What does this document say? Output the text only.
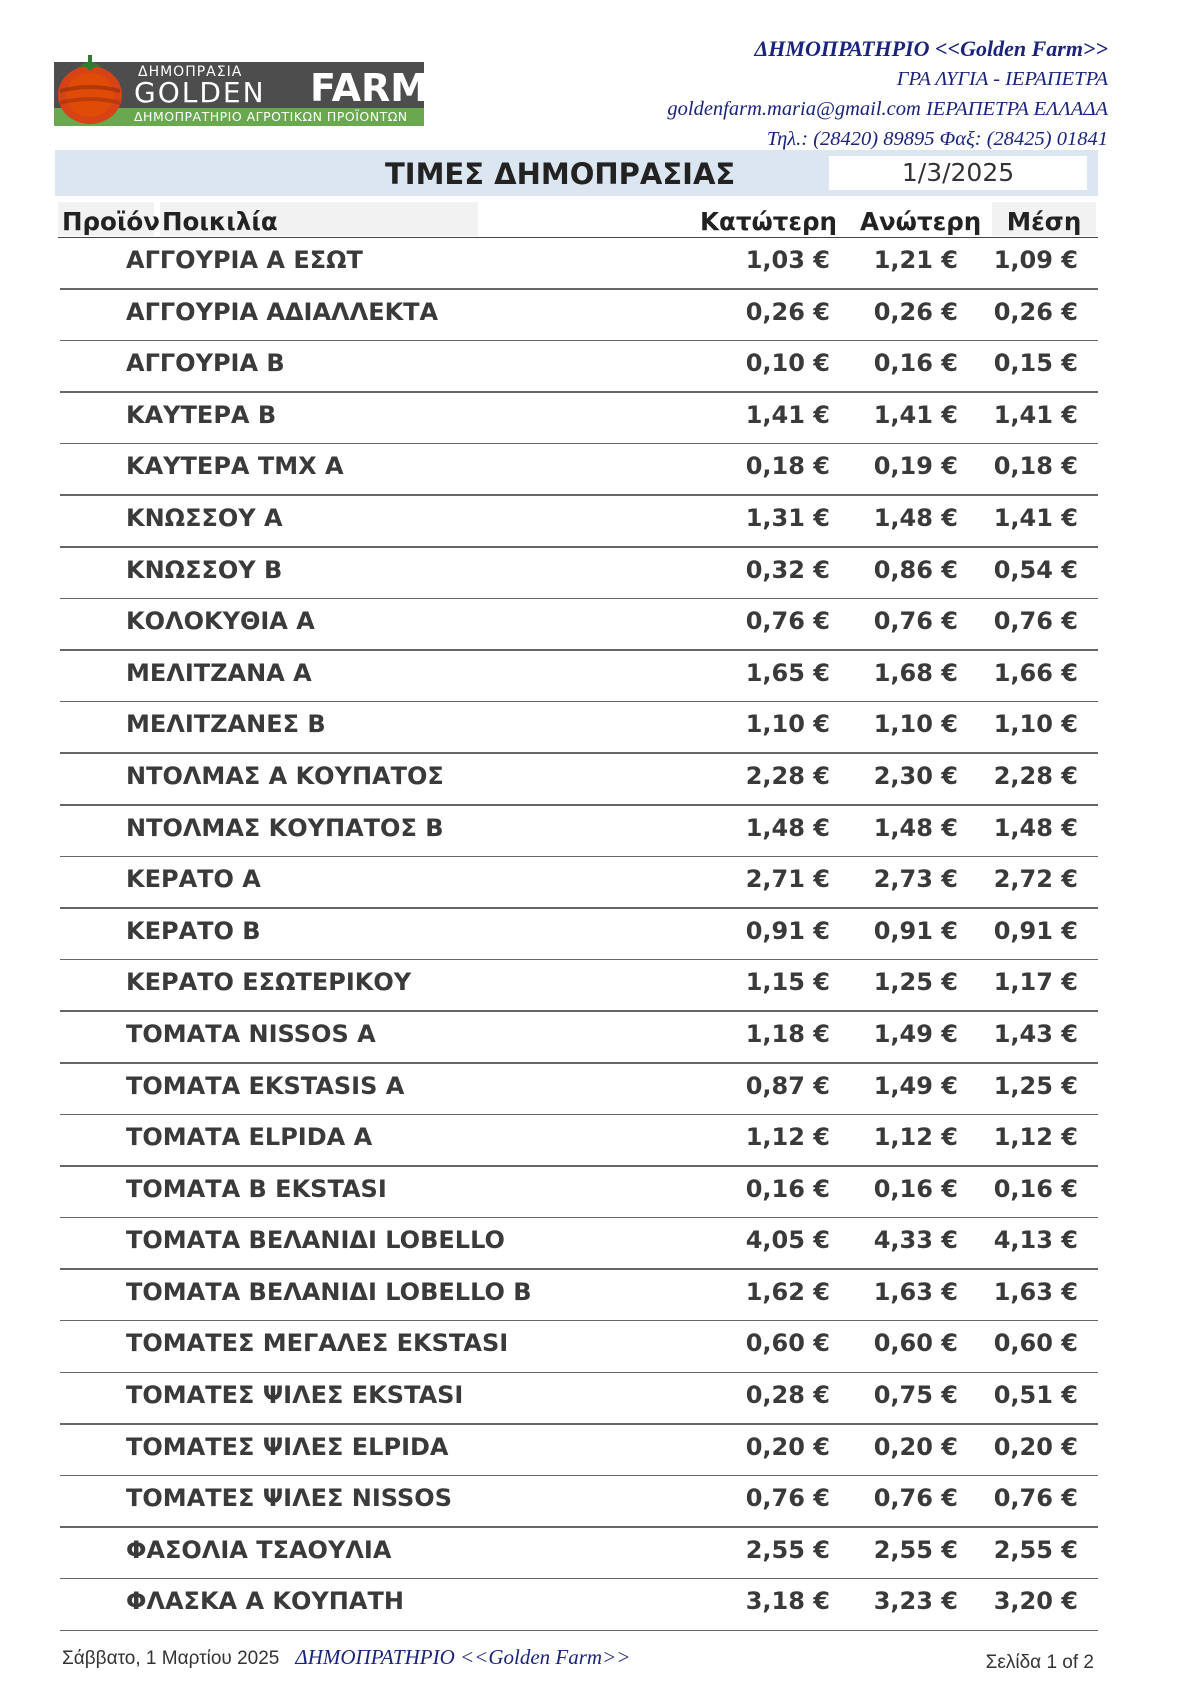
ΔΗΜΟΠΡΑΣΙΑ
GOLDEN FARM
ΔΗΜΟΠΡΑΤΗΡΙΟ ΑΓΡΟΤΙΚΩΝ ΠΡΟΪΟΝΤΩΝ
ΔΗΜΟΠΡΑΤΗΡΙΟ <<Golden Farm>>
ΓΡΑ ΛΥΓΙΑ - ΙΕΡΑΠΕΤΡΑ
goldenfarm.maria@gmail.com ΙΕΡΑΠΕΤΡΑ ΕΛΛΑΔΑ
Τηλ.: (28420) 89895 Φαξ: (28425) 01841
ΤΙΜΕΣ ΔΗΜΟΠΡΑΣΙΑΣ	1/3/2025
Προϊόν Ποικιλία	Κατώτερη Ανώτερη	Μέση
ΑΓΓΟΥΡΙΑ Α ΕΣΩΤ	1,03 € 1,21 € 1,09 €
ΑΓΓΟΥΡΙΑ ΑΔΙΑΛΛΕΚΤΑ	0,26 € 0,26 € 0,26 €
ΑΓΓΟΥΡΙΑ Β	0,10 € 0,16 € 0,15 €
ΚΑΥΤΕΡΑ Β	1,41 € 1,41 € 1,41 €
ΚΑΥΤΕΡΑ ΤΜΧ Α	0,18 € 0,19 € 0,18 €
ΚΝΩΣΣΟΥ Α	1,31 € 1,48 € 1,41 €
ΚΝΩΣΣΟΥ Β	0,32 € 0,86 € 0,54 €
ΚΟΛΟΚΥΘΙΑ Α	0,76 € 0,76 € 0,76 €
ΜΕΛΙΤΖΑΝΑ Α	1,65 € 1,68 € 1,66 €
ΜΕΛΙΤΖΑΝΕΣ Β	1,10 € 1,10 € 1,10 €
ΝΤΟΛΜΑΣ Α ΚΟΥΠΑΤΟΣ	2,28 € 2,30 € 2,28 €
ΝΤΟΛΜΑΣ ΚΟΥΠΑΤΟΣ Β	1,48 € 1,48 € 1,48 €
ΚΕΡΑΤΟ Α	2,71 € 2,73 € 2,72 €
ΚΕΡΑΤΟ Β	0,91 € 0,91 € 0,91 €
ΚΕΡΑΤΟ ΕΣΩΤΕΡΙΚΟΥ	1,15 € 1,25 € 1,17 €
ΤΟΜΑΤΑ NISSOS Α	1,18 € 1,49 € 1,43 €
ΤΟΜΑΤΑ EKSTASIS Α	0,87 € 1,49 € 1,25 €
ΤΟΜΑΤΑ ELPIDA Α	1,12 € 1,12 € 1,12 €
ΤΟΜΑΤΑ Β EKSTASI	0,16 € 0,16 € 0,16 €
ΤΟΜΑΤΑ ΒΕΛΑΝΙΔΙ LOBELLO	4,05 € 4,33 € 4,13 €
ΤΟΜΑΤΑ ΒΕΛΑΝΙΔΙ LOBELLO Β	1,62 € 1,63 € 1,63 €
ΤΟΜΑΤΕΣ ΜΕΓΑΛΕΣ EKSTASI	0,60 € 0,60 € 0,60 €
ΤΟΜΑΤΕΣ ΨΙΛΕΣ EKSTASI	0,28 € 0,75 € 0,51 €
ΤΟΜΑΤΕΣ ΨΙΛΕΣ ELPIDA	0,20 € 0,20 € 0,20 €
ΤΟΜΑΤΕΣ ΨΙΛΕΣ NISSOS	0,76 € 0,76 € 0,76 €
ΦΑΣΟΛΙΑ ΤΣΑΟΥΛΙΑ	2,55 € 2,55 € 2,55 €
ΦΛΑΣΚΑ Α ΚΟΥΠΑΤΗ	3,18 € 3,23 € 3,20 €
Σάββατο, 1 Μαρτίου 2025 ΔΗΜΟΠΡΑΤΗΡΙΟ <<Golden Farm>>	Σελίδα 1 of 2
